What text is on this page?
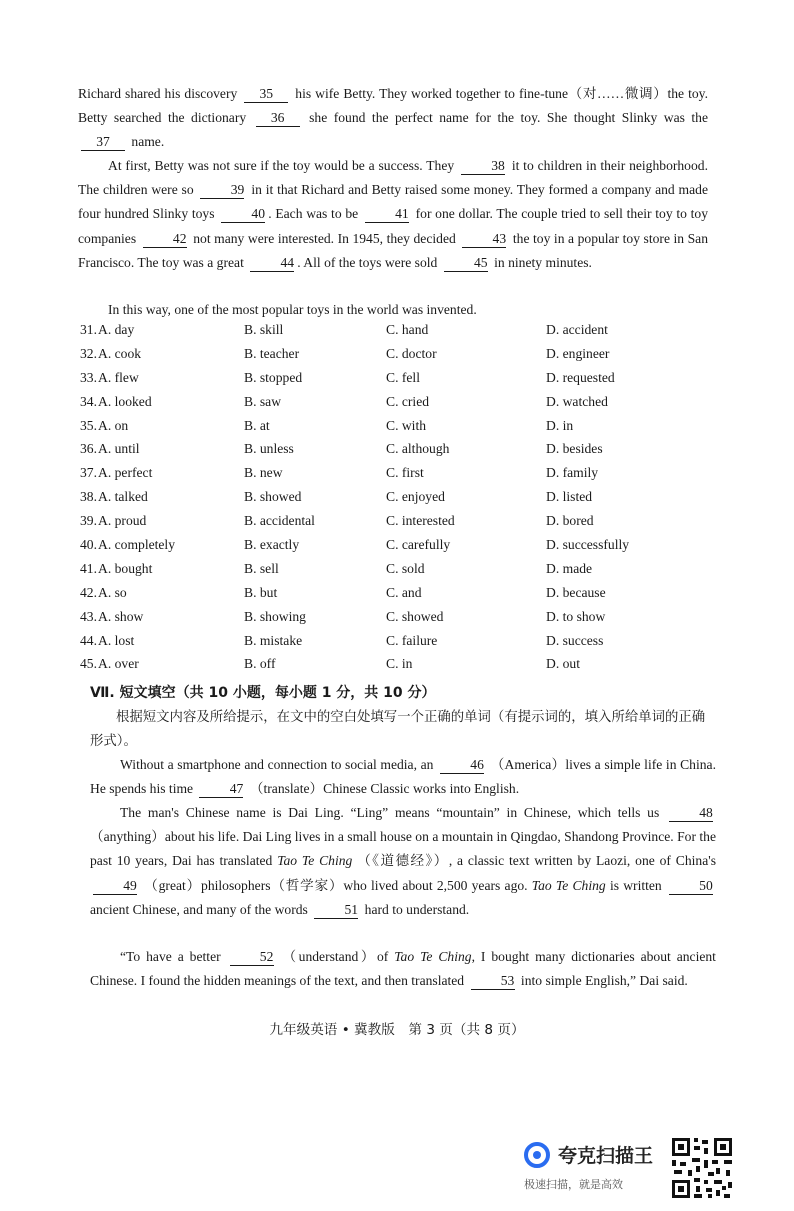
Richard shared his discovery 35 his wife Betty. They worked together to fine-tune（对……微调）the toy. Betty searched the dictionary 36 she found the perfect name for the toy. She thought Slinky was the 37 name.
At first, Betty was not sure if the toy would be a success. They	38 it to children in their neighborhood. The children were so	39 in it that Richard and Betty raised some money. They formed a company and made four hundred Slinky toys	40 . Each was to be	41 for one dollar. The couple tried to sell their toy to toy companies	42 not many were interested. In 1945, they decided	43 the toy in a popular toy store in San Francisco. The toy was a great	44 . All of the toys were sold	45 in ninety minutes.
In this way, one of the most popular toys in the world was invented.
31. A. day	B. skill	C. hand	D. accident
32. A. cook	B. teacher	C. doctor	D. engineer
33. A. flew	B. stopped	C. fell	D. requested
34. A. looked	B. saw	C. cried	D. watched
35. A. on	B. at	C. with	D. in
36. A. until	B. unless	C. although	D. besides
37. A. perfect	B. new	C. first	D. family
38. A. talked	B. showed	C. enjoyed	D. listed
39. A. proud	B. accidental	C. interested	D. bored
40. A. completely	B. exactly	C. carefully	D. successfully
41. A. bought	B. sell	C. sold	D. made
42. A. so	B. but	C. and	D. because
43. A. show	B. showing	C. showed	D. to show
44. A. lost	B. mistake	C. failure	D. success
45. A. over	B. off	C. in	D. out
Ⅶ. 短文填空（共 10 小题，每小题 1 分，共 10 分）
根据短文内容及所给提示，在文中的空白处填写一个正确的单词（有提示词的，填入所给单词的正确形式）。
Without a smartphone and connection to social media, an	46 （America）lives a simple life in China. He spends his time	47 （translate）Chinese Classic works into English.
The man's Chinese name is Dai Ling. “Ling” means “mountain” in Chinese, which tells us	48 （anything）about his life. Dai Ling lives in a small house on a mountain in Qingdao, Shandong Province. For the past 10 years, Dai has translated Tao Te Ching （《道德经》）, a classic text written by Laozi, one of China's 49 （great）philosophers（哲学家）who lived about 2,500 years ago. Tao Te Ching is written	50 ancient Chinese, and many of the words	51 hard to understand.
“To have a better	52 （understand）of Tao Te Ching, I bought many dictionaries about ancient Chinese. I found the hidden meanings of the text, and then translated	53 into simple English,” Dai said.
九年级英语 • 冀教版　第 3 页（共 8 页）
夸克扫描王
极速扫描，就是高效
